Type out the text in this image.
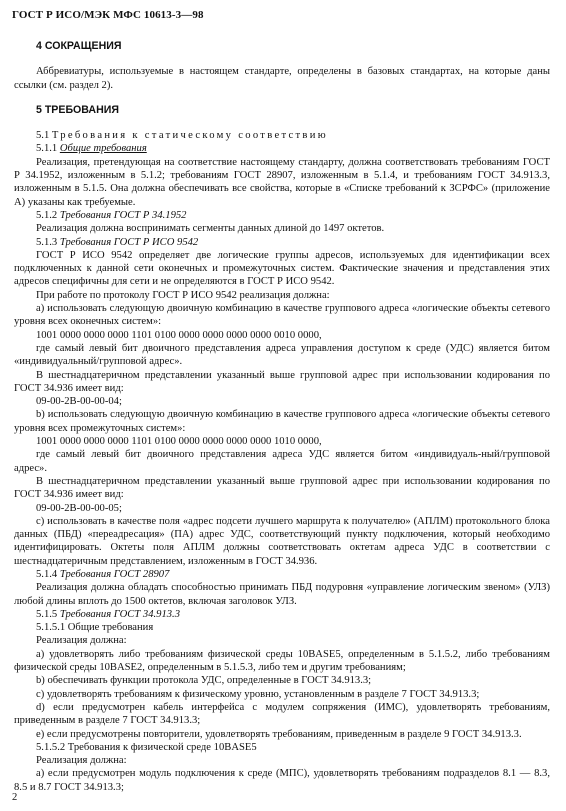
ГОСТ Р ИСО/МЭК МФС 10613-3—98

4 СОКРАЩЕНИЯ

Аббревиатуры, используемые в настоящем стандарте, определены в базовых стандартах, на которые даны ссылки (см. раздел 2).

5 ТРЕБОВАНИЯ

5.1 Требования к статическому соответствию

5.1.1 Общие требования

Реализация, претендующая на соответствие настоящему стандарту, должна соответствовать требованиям ГОСТ Р 34.1952, изложенным в 5.1.2; требованиям ГОСТ 28907, изложенным в 5.1.4, и требованиям ГОСТ 34.913.3, изложенным в 5.1.5. Она должна обеспечивать все свойства, которые в «Списке требований к ЗСРФС» (приложение А) указаны как требуемые.

5.1.2 Требования ГОСТ Р 34.1952

Реализация должна воспринимать сегменты данных длиной до 1497 октетов.

5.1.3 Требования ГОСТ Р ИСО 9542

ГОСТ Р ИСО 9542 определяет две логические группы адресов, используемых для идентификации всех подключенных к данной сети оконечных и промежуточных систем. Фактические значения и представления этих адресов специфичны для сети и не определяются в ГОСТ Р ИСО 9542.

При работе по протоколу ГОСТ Р ИСО 9542 реализация должна:

a) использовать следующую двоичную комбинацию в качестве группового адреса «логические объекты сетевого уровня всех оконечных систем»:

1001 0000 0000 0000 1101 0100 0000 0000 0000 0000 0010 0000,

где самый левый бит двоичного представления адреса управления доступом к среде (УДС) является битом «индивидуальный/групповой адрес».

В шестнадцатеричном представлении указанный выше групповой адрес при использовании кодирования по ГОСТ 34.936 имеет вид:

09-00-2B-00-00-04;

b) использовать следующую двоичную комбинацию в качестве группового адреса «логические объекты сетевого уровня всех промежуточных систем»:

1001 0000 0000 0000 1101 0100 0000 0000 0000 0000 1010 0000,

где самый левый бит двоичного представления адреса УДС является битом «индивидуаль-ный/групповой адрес».

В шестнадцатеричном представлении указанный выше групповой адрес при использовании кодирования по ГОСТ 34.936 имеет вид:

09-00-2B-00-00-05;

c) использовать в качестве поля «адрес подсети лучшего маршрута к получателю» (АПЛМ) протокольного блока данных (ПБД) «переадресация» (ПА) адрес УДС, соответствующий пункту подключения, который необходимо идентифицировать. Октеты поля АПЛМ должны соответствовать октетам адреса УДС в соответствии с шестнадцатеричным представлением, изложенным в ГОСТ 34.936.

5.1.4 Требования ГОСТ 28907

Реализация должна обладать способностью принимать ПБД подуровня «управление логическим звеном» (УЛЗ) любой длины вплоть до 1500 октетов, включая заголовок УЛЗ.

5.1.5 Требования ГОСТ 34.913.3

5.1.5.1 Общие требования

Реализация должна:

a) удовлетворять либо требованиям физической среды 10BASE5, определенным в 5.1.5.2, либо требованиям физической среды 10BASE2, определенным в 5.1.5.3, либо тем и другим требованиям;

b) обеспечивать функции протокола УДС, определенные в ГОСТ 34.913.3;

c) удовлетворять требованиям к физическому уровню, установленным в разделе 7 ГОСТ 34.913.3;

d) если предусмотрен кабель интерфейса с модулем сопряжения (ИМС), удовлетворять требованиям, приведенным в разделе 7 ГОСТ 34.913.3;

e) если предусмотрены повторители, удовлетворять требованиям, приведенным в разделе 9 ГОСТ 34.913.3.

5.1.5.2 Требования к физической среде 10BASE5

Реализация должна:

a) если предусмотрен модуль подключения к среде (МПС), удовлетворять требованиям подразделов 8.1 — 8.3, 8.5 и 8.7 ГОСТ 34.913.3;

2
